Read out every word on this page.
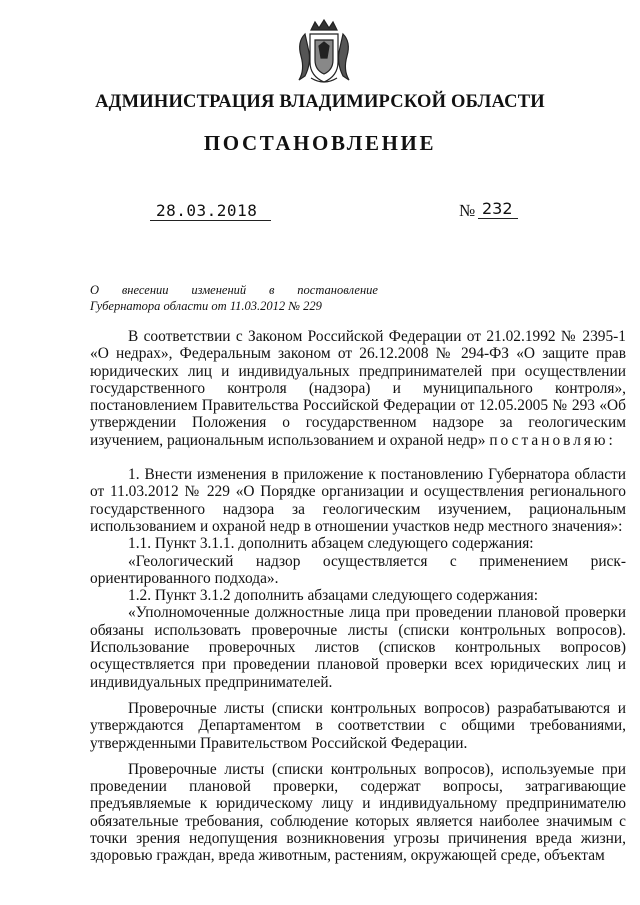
АДМИНИСТРАЦИЯ ВЛАДИМИРСКОЙ ОБЛАСТИ
ПОСТАНОВЛЕНИЕ
28.03.2018	№ 232
О внесении изменений в постановление
Губернатора области от 11.03.2012 № 229

В соответствии с Законом Российской Федерации от 21.02.1992 № 2395-1 «О недрах», Федеральным законом от 26.12.2008 № 294-ФЗ «О защите прав юридических лиц и индивидуальных предпринимателей при осуществлении государственного контроля (надзора) и муниципального контроля», постановлением Правительства Российской Федерации от 12.05.2005 № 293 «Об утверждении Положения о государственном надзоре за геологическим изучением, рациональным использованием и охраной недр» постановляю:

1. Внести изменения в приложение к постановлению Губернатора области от 11.03.2012 № 229 «О Порядке организации и осуществления регионального государственного надзора за геологическим изучением, рациональным использованием и охраной недр в отношении участков недр местного значения»:

1.1. Пункт 3.1.1. дополнить абзацем следующего содержания:

«Геологический надзор осуществляется с применением риск-ориентированного подхода».

1.2. Пункт 3.1.2 дополнить абзацами следующего содержания:

«Уполномоченные должностные лица при проведении плановой проверки обязаны использовать проверочные листы (списки контрольных вопросов). Использование проверочных листов (списков контрольных вопросов) осуществляется при проведении плановой проверки всех юридических лиц и индивидуальных предпринимателей.

Проверочные листы (списки контрольных вопросов) разрабатываются и утверждаются Департаментом в соответствии с общими требованиями, утвержденными Правительством Российской Федерации.

Проверочные листы (списки контрольных вопросов), используемые при проведении плановой проверки, содержат вопросы, затрагивающие предъявляемые к юридическому лицу и индивидуальному предпринимателю обязательные требования, соблюдение которых является наиболее значимым с точки зрения недопущения возникновения угрозы причинения вреда жизни, здоровью граждан, вреда животным, растениям, окружающей среде, объектам
